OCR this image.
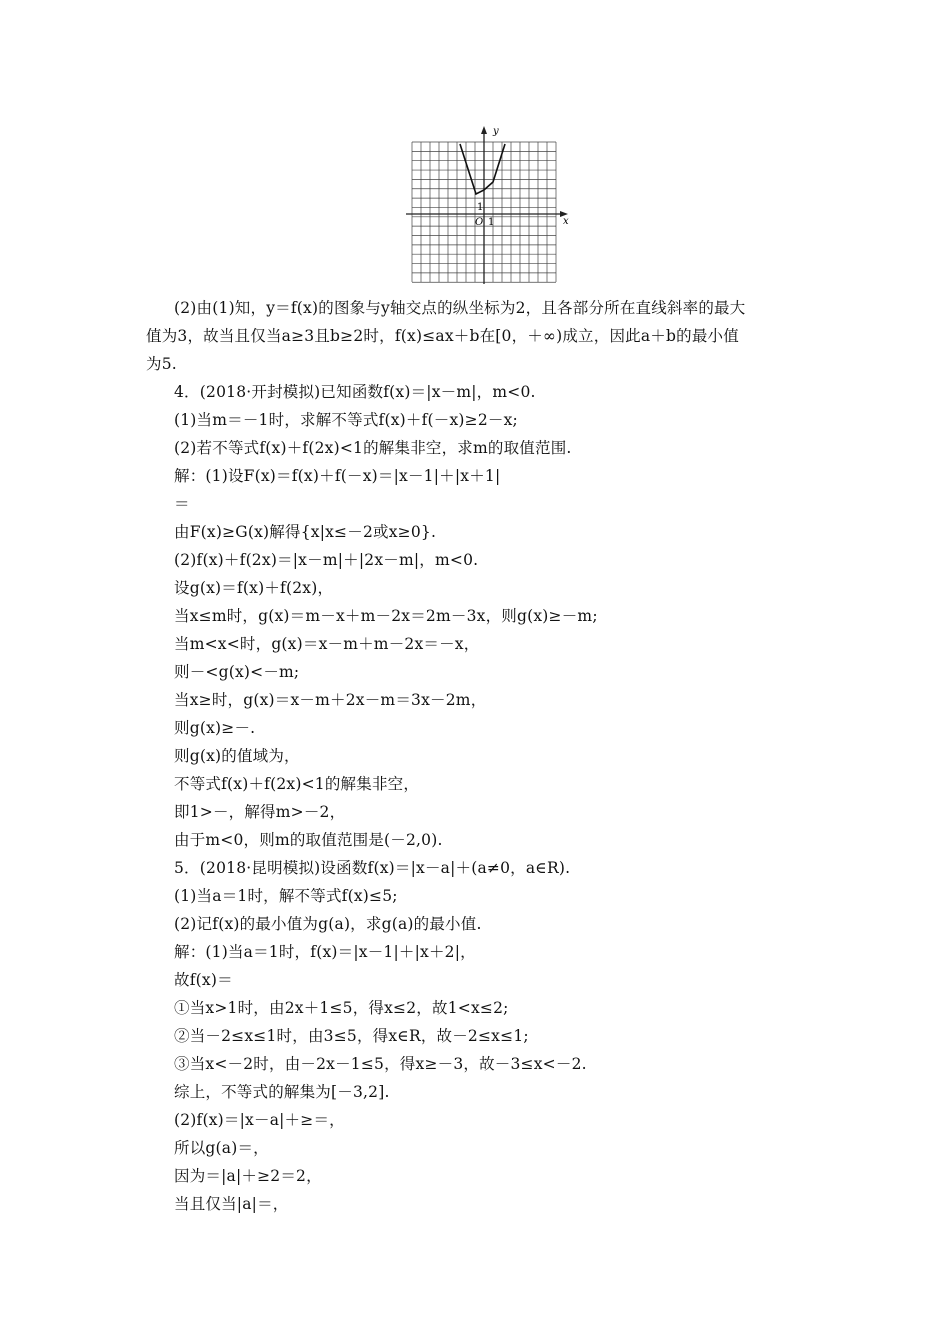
y
x
O 1
1
(2)由(1)知，y＝f(x)的图象与y轴交点的纵坐标为2，且各部分所在直线斜率的最大
值为3，故当且仅当a≥3且b≥2时，f(x)≤ax＋b在[0，＋∞)成立，因此a＋b的最小值
为5.
4．(2018·开封模拟)已知函数f(x)＝|x－m|，m<0.
(1)当m＝－1时，求解不等式f(x)＋f(－x)≥2－x;
(2)若不等式f(x)＋f(2x)<1的解集非空，求m的取值范围.
解：(1)设F(x)＝f(x)＋f(－x)＝|x－1|＋|x＋1|
＝
由F(x)≥G(x)解得{x|x≤－2或x≥0}.
(2)f(x)＋f(2x)＝|x－m|＋|2x－m|，m<0.
设g(x)＝f(x)＋f(2x)，
当x≤m时，g(x)＝m－x＋m－2x＝2m－3x，则g(x)≥－m;
当m<x<时，g(x)＝x－m＋m－2x＝－x，
则－<g(x)<－m;
当x≥时，g(x)＝x－m＋2x－m＝3x－2m，
则g(x)≥－.
则g(x)的值域为，
不等式f(x)＋f(2x)<1的解集非空，
即1>－，解得m>－2，
由于m<0，则m的取值范围是(－2,0).
5．(2018·昆明模拟)设函数f(x)＝|x－a|＋(a≠0，a∈R).
(1)当a＝1时，解不等式f(x)≤5;
(2)记f(x)的最小值为g(a)，求g(a)的最小值.
解：(1)当a＝1时，f(x)＝|x－1|＋|x＋2|，
故f(x)＝
①当x>1时，由2x＋1≤5，得x≤2，故1<x≤2;
②当－2≤x≤1时，由3≤5，得x∈R，故－2≤x≤1;
③当x<－2时，由－2x－1≤5，得x≥－3，故－3≤x<－2.
综上，不等式的解集为[－3,2].
(2)f(x)＝|x－a|＋≥＝，
所以g(a)＝，
因为＝|a|＋≥2＝2，
当且仅当|a|＝，
